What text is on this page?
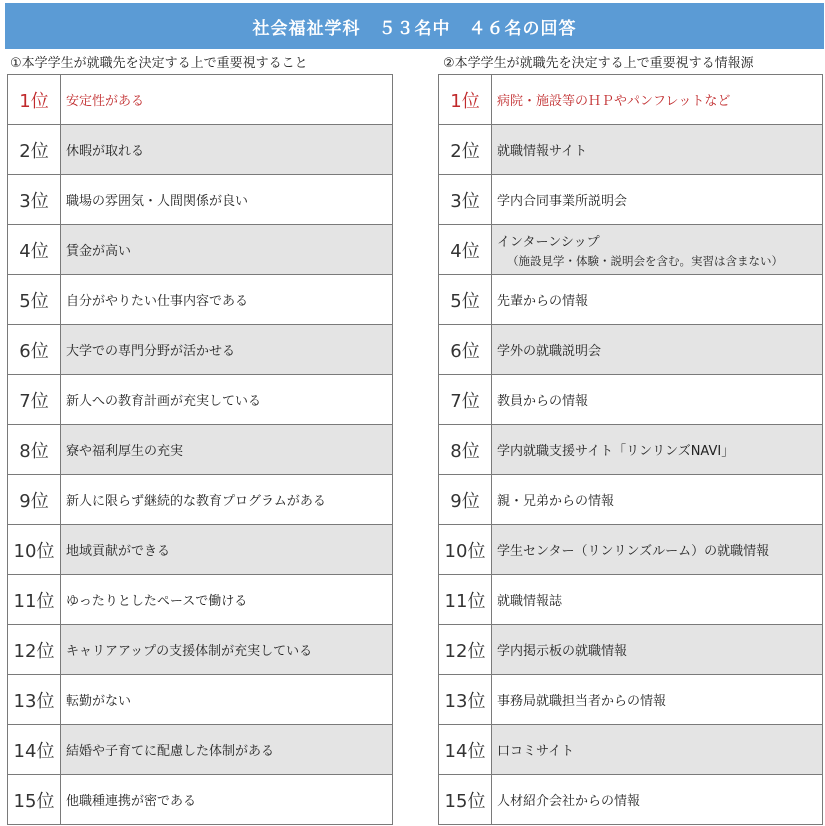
社会福祉学科　５３名中　４６名の回答
①本学学生が就職先を決定する上で重要視すること	②本学学生が就職先を決定する上で重要視する情報源
1位	安定性がある
2位	休暇が取れる
3位	職場の雰囲気・人間関係が良い
4位	賃金が高い
5位	自分がやりたい仕事内容である
6位	大学での専門分野が活かせる
7位	新人への教育計画が充実している
8位	寮や福利厚生の充実
9位	新人に限らず継続的な教育プログラムがある
10位	地域貢献ができる
11位	ゆったりとしたペースで働ける
12位	キャリアアップの支援体制が充実している
13位	転勤がない
14位	結婚や子育てに配慮した体制がある
15位	他職種連携が密である
1位	病院・施設等のＨＰやパンフレットなど
2位	就職情報サイト
3位	学内合同事業所説明会
4位	インターンシップ
（施設見学・体験・説明会を含む。実習は含まない）

5位	先輩からの情報
6位	学外の就職説明会
7位	教員からの情報
8位	学内就職支援サイト「リンリンズNAVI」
9位	親・兄弟からの情報
10位	学生センター（リンリンズルーム）の就職情報
11位	就職情報誌
12位	学内掲示板の就職情報
13位	事務局就職担当者からの情報
14位	口コミサイト
15位	人材紹介会社からの情報
